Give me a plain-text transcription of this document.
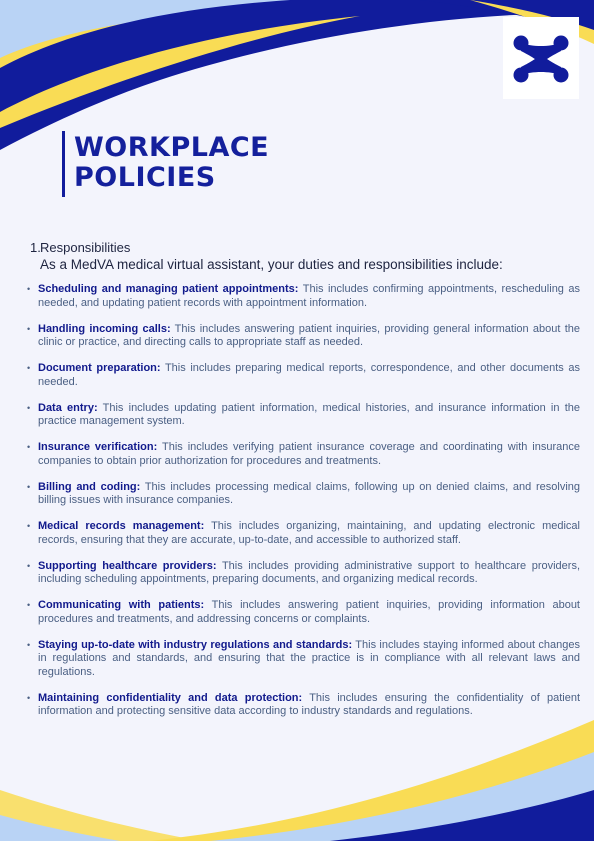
WORKPLACE
POLICIES
1.Responsibilities
As a MedVA medical virtual assistant, your duties and responsibilities include:
• Scheduling and managing patient appointments: This includes confirming appointments, rescheduling as needed, and updating patient records with appointment information.
• Handling incoming calls: This includes answering patient inquiries, providing general information about the clinic or practice, and directing calls to appropriate staff as needed.
• Document preparation: This includes preparing medical reports, correspondence, and other documents as needed.
• Data entry: This includes updating patient information, medical histories, and insurance information in the practice management system.
• Insurance verification: This includes verifying patient insurance coverage and coordinating with insurance companies to obtain prior authorization for procedures and treatments.
• Billing and coding: This includes processing medical claims, following up on denied claims, and resolving billing issues with insurance companies.
• Medical records management: This includes organizing, maintaining, and updating electronic medical records, ensuring that they are accurate, up-to-date, and accessible to authorized staff.
• Supporting healthcare providers: This includes providing administrative support to healthcare providers, including scheduling appointments, preparing documents, and organizing medical records.
• Communicating with patients: This includes answering patient inquiries, providing information about procedures and treatments, and addressing concerns or complaints.
• Staying up-to-date with industry regulations and standards: This includes staying informed about changes in regulations and standards, and ensuring that the practice is in compliance with all relevant laws and regulations.
• Maintaining confidentiality and data protection: This includes ensuring the confidentiality of patient information and protecting sensitive data according to industry standards and regulations.
